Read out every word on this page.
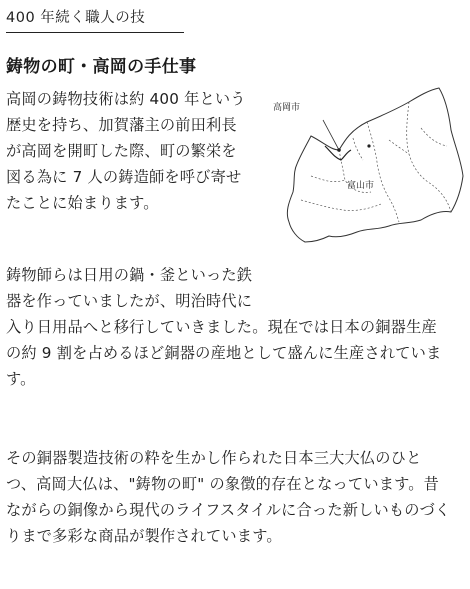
400 年続く職人の技
鋳物の町・高岡の手仕事
高岡の鋳物技術は約 400 年という
歴史を持ち、加賀藩主の前田利長
が高岡を開町した際、町の繁栄を
図る為に 7 人の鋳造師を呼び寄せ
たことに始まります。
高岡市
富山市
鋳物師らは日用の鍋・釜といった鉄
器を作っていましたが、明治時代に
入り日用品へと移行していきました。現在では日本の銅器生産
の約 9 割を占めるほど銅器の産地として盛んに生産されていま
す。
その銅器製造技術の粋を生かし作られた日本三大大仏のひと
つ、高岡大仏は、"鋳物の町" の象徴的存在となっています。昔
ながらの銅像から現代のライフスタイルに合った新しいものづく
りまで多彩な商品が製作されています。
